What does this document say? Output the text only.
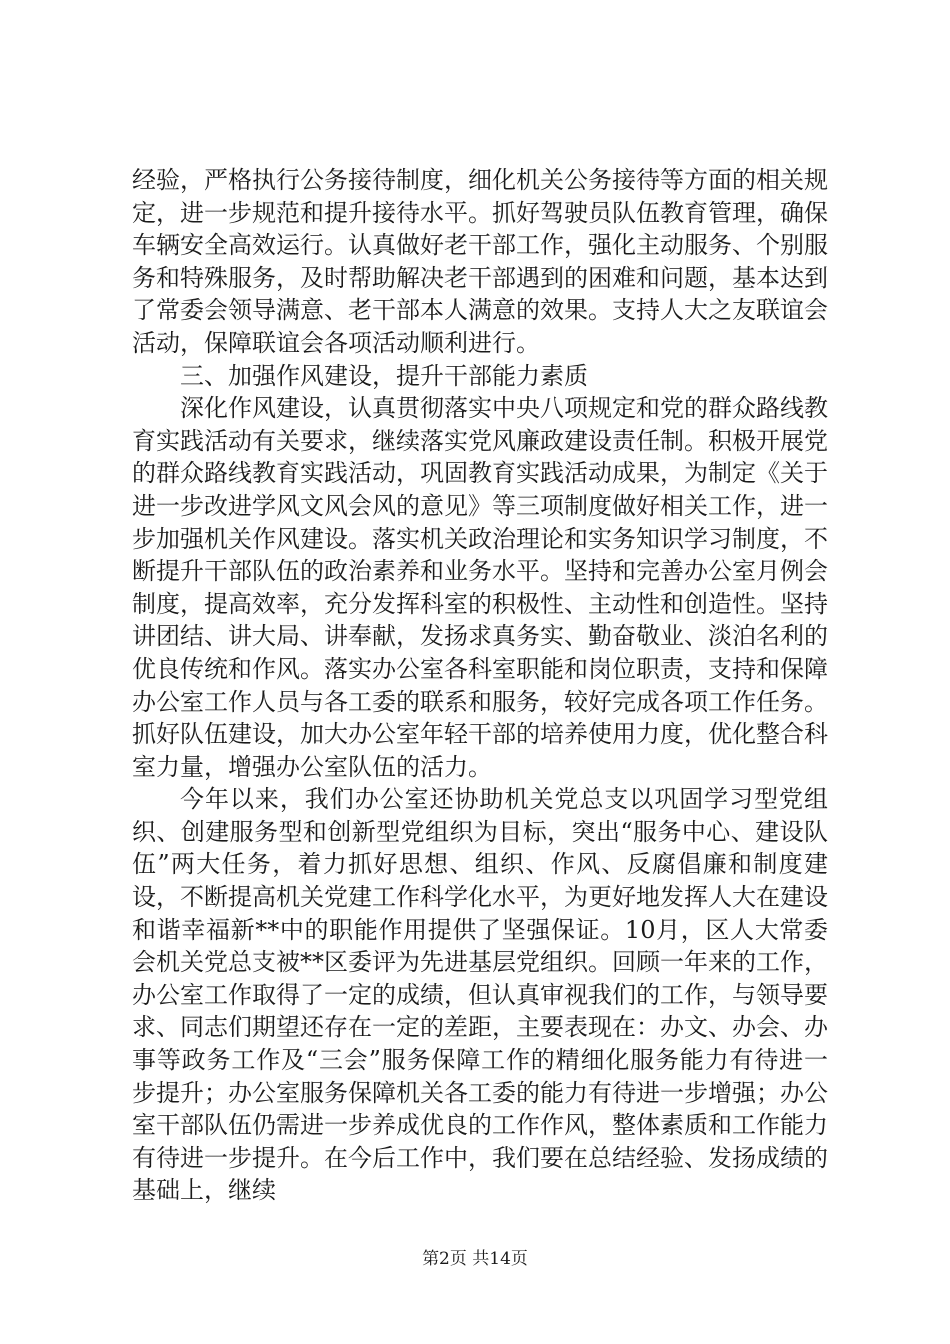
经验，严格执行公务接待制度，细化机关公务接待等方面的相关规定，进一步规范和提升接待水平。抓好驾驶员队伍教育管理，确保车辆安全高效运行。认真做好老干部工作，强化主动服务、个别服务和特殊服务，及时帮助解决老干部遇到的困难和问题，基本达到了常委会领导满意、老干部本人满意的效果。支持人大之友联谊会活动，保障联谊会各项活动顺利进行。

三、加强作风建设，提升干部能力素质

深化作风建设，认真贯彻落实中央八项规定和党的群众路线教育实践活动有关要求，继续落实党风廉政建设责任制。积极开展党的群众路线教育实践活动，巩固教育实践活动成果，为制定《关于进一步改进学风文风会风的意见》等三项制度做好相关工作，进一步加强机关作风建设。落实机关政治理论和实务知识学习制度，不断提升干部队伍的政治素养和业务水平。坚持和完善办公室月例会制度，提高效率，充分发挥科室的积极性、主动性和创造性。坚持讲团结、讲大局、讲奉献，发扬求真务实、勤奋敬业、淡泊名利的优良传统和作风。落实办公室各科室职能和岗位职责，支持和保障办公室工作人员与各工委的联系和服务，较好完成各项工作任务。抓好队伍建设，加大办公室年轻干部的培养使用力度，优化整合科室力量，增强办公室队伍的活力。

今年以来，我们办公室还协助机关党总支以巩固学习型党组织、创建服务型和创新型党组织为目标，突出“服务中心、建设队伍”两大任务，着力抓好思想、组织、作风、反腐倡廉和制度建设，不断提高机关党建工作科学化水平，为更好地发挥人大在建设和谐幸福新**中的职能作用提供了坚强保证。10月，区人大常委会机关党总支被**区委评为先进基层党组织。回顾一年来的工作，办公室工作取得了一定的成绩，但认真审视我们的工作，与领导要求、同志们期望还存在一定的差距，主要表现在：办文、办会、办事等政务工作及“三会”服务保障工作的精细化服务能力有待进一步提升；办公室服务保障机关各工委的能力有待进一步增强；办公室干部队伍仍需进一步养成优良的工作作风，整体素质和工作能力有待进一步提升。在今后工作中，我们要在总结经验、发扬成绩的基础上，继续

第2页 共14页
